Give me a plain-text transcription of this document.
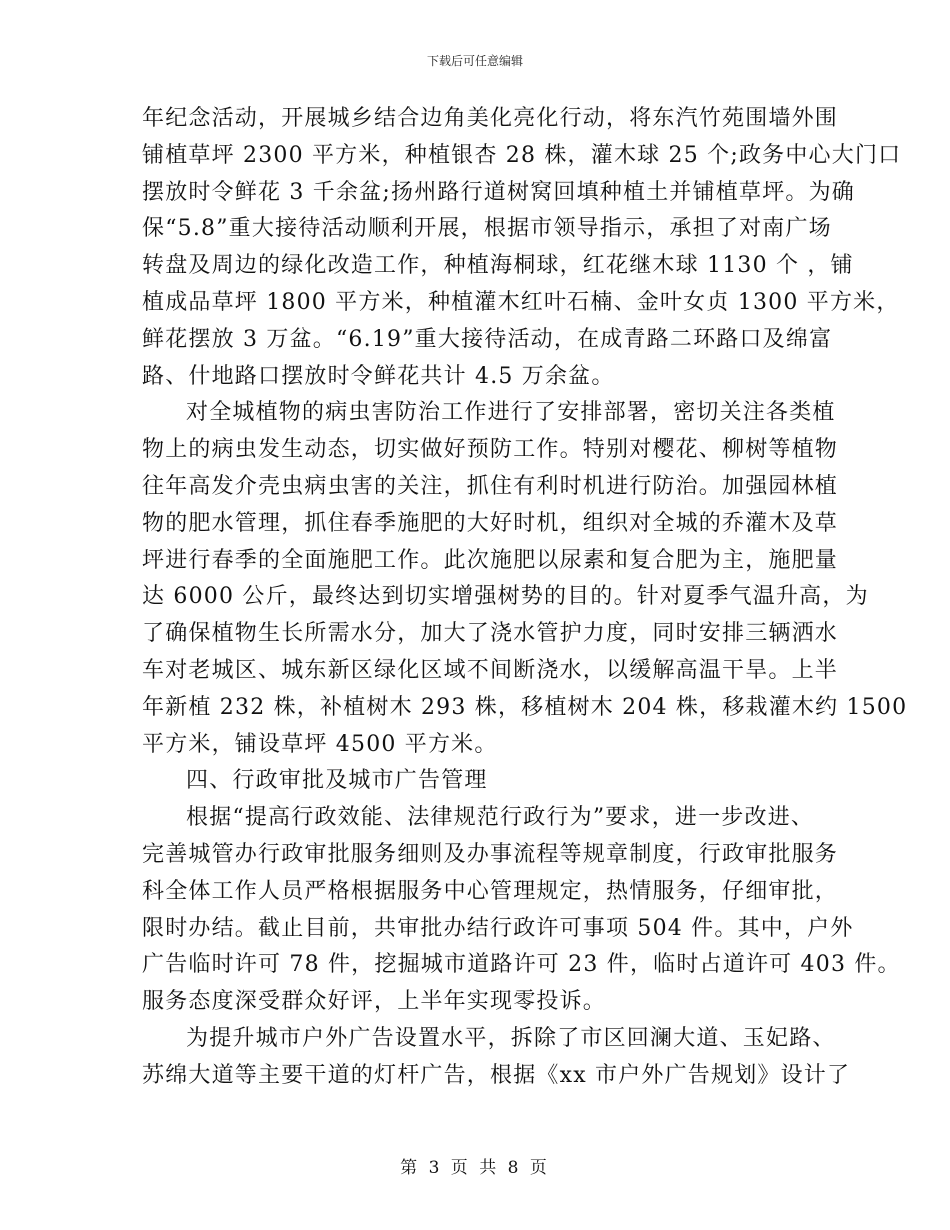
下载后可任意编辑
年纪念活动，开展城乡结合边角美化亮化行动，将东汽竹苑围墙外围
铺植草坪 2300 平方米，种植银杏 28 株，灌木球 25 个;政务中心大门口
摆放时令鲜花 3 千余盆;扬州路行道树窝回填种植土并铺植草坪。为确
保“5.8”重大接待活动顺利开展，根据市领导指示，承担了对南广场
转盘及周边的绿化改造工作，种植海桐球，红花继木球 1130 个 ，铺
植成品草坪 1800 平方米，种植灌木红叶石楠、金叶女贞 1300 平方米，
鲜花摆放 3 万盆。“6.19”重大接待活动，在成青路二环路口及绵富
路、什地路口摆放时令鲜花共计 4.5 万余盆。
对全城植物的病虫害防治工作进行了安排部署，密切关注各类植
物上的病虫发生动态，切实做好预防工作。特别对樱花、柳树等植物
往年高发介壳虫病虫害的关注，抓住有利时机进行防治。加强园林植
物的肥水管理，抓住春季施肥的大好时机，组织对全城的乔灌木及草
坪进行春季的全面施肥工作。此次施肥以尿素和复合肥为主，施肥量
达 6000 公斤，最终达到切实增强树势的目的。针对夏季气温升高，为
了确保植物生长所需水分，加大了浇水管护力度，同时安排三辆洒水
车对老城区、城东新区绿化区域不间断浇水，以缓解高温干旱。上半
年新植 232 株，补植树木 293 株，移植树木 204 株，移栽灌木约 1500
平方米，铺设草坪 4500 平方米。
四、行政审批及城市广告管理
根据“提高行政效能、法律规范行政行为”要求，进一步改进、
完善城管办行政审批服务细则及办事流程等规章制度，行政审批服务
科全体工作人员严格根据服务中心管理规定，热情服务，仔细审批，
限时办结。截止目前，共审批办结行政许可事项 504 件。其中，户外
广告临时许可 78 件，挖掘城市道路许可 23 件，临时占道许可 403 件。
服务态度深受群众好评，上半年实现零投诉。
为提升城市户外广告设置水平，拆除了市区回澜大道、玉妃路、
苏绵大道等主要干道的灯杆广告，根据《xx 市户外广告规划》设计了
第 3 页 共 8 页
